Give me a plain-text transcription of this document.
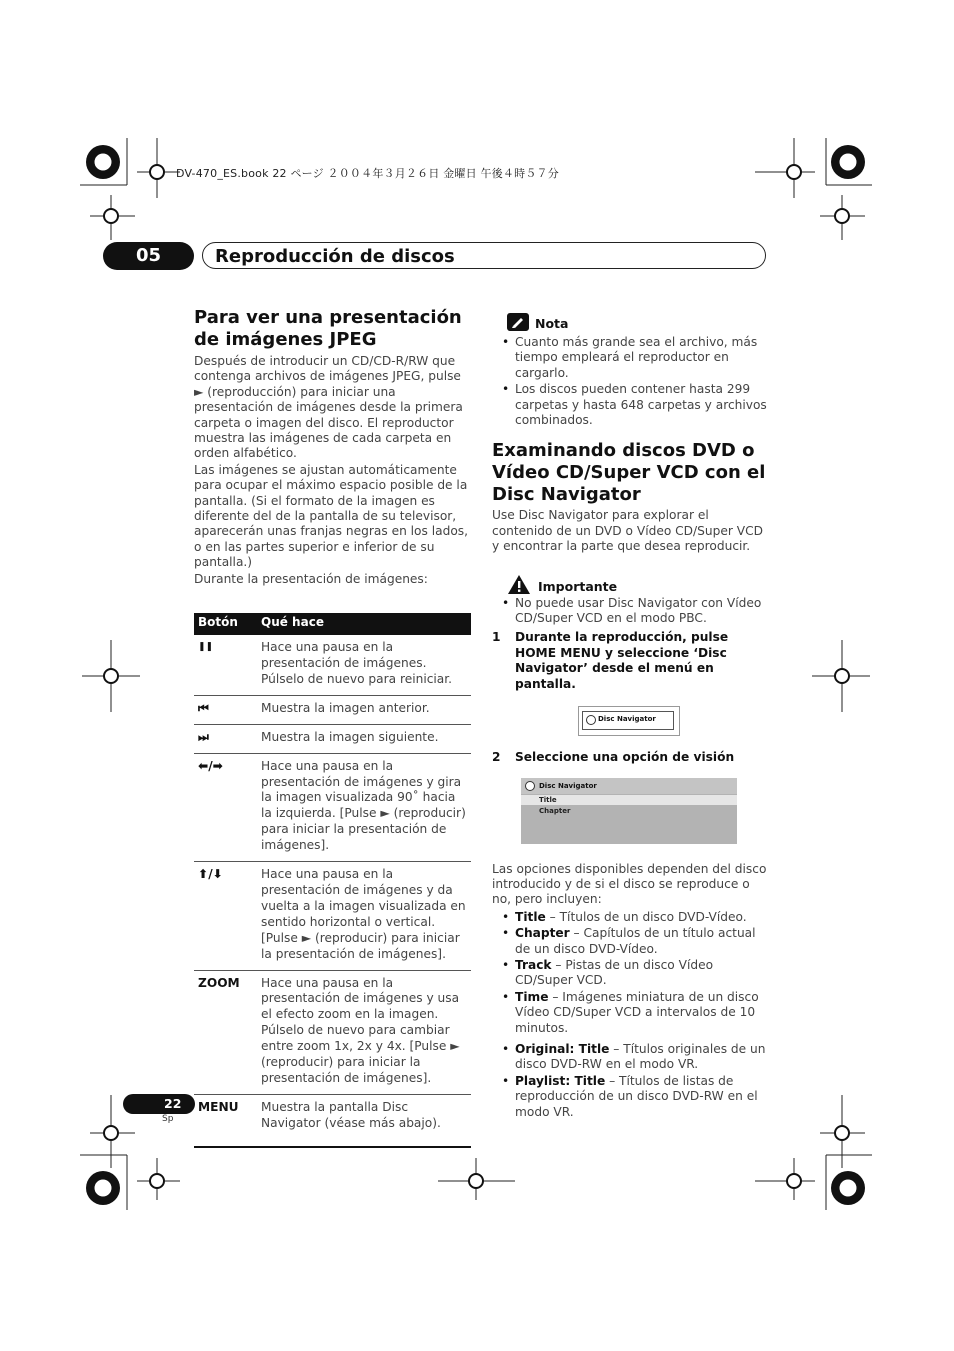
DV-470_ES.book 22 ページ ２００４年３月２６日 金曜日 午後４時５７分
05	Reproducción de discos
Para ver una presentación de imágenes JPEG

Después de introducir un CD/CD-R/RW que contenga archivos de imágenes JPEG, pulse ► (reproducción) para iniciar una presentación de imágenes desde la primera carpeta o imagen del disco. El reproductor muestra las imágenes de cada carpeta en orden alfabético.

Las imágenes se ajustan automáticamente para ocupar el máximo espacio posible de la pantalla. (Si el formato de la imagen es diferente del de la pantalla de su televisor, aparecerán unas franjas negras en los lados, o en las partes superior e inferior de su pantalla.)

Durante la presentación de imágenes:

Botón	Qué hace
❚❚	Hace una pausa en la presentación de imágenes. Púlselo de nuevo para reiniciar.
⏮	Muestra la imagen anterior.
⏭	Muestra la imagen siguiente.
⬅/➡	Hace una pausa en la presentación de imágenes y gira la imagen visualizada 90˚ hacia la izquierda. [Pulse ► (reproducir) para iniciar la presentación de imágenes].
⬆/⬇	Hace una pausa en la presentación de imágenes y da vuelta a la imagen visualizada en sentido horizontal o vertical. [Pulse ► (reproducir) para iniciar la presentación de imágenes].
ZOOM	Hace una pausa en la presentación de imágenes y usa el efecto zoom en la imagen. Púlselo de nuevo para cambiar entre zoom 1x, 2x y 4x. [Pulse ► (reproducir) para iniciar la presentación de imágenes].
MENU	Muestra la pantalla Disc Navigator (véase más abajo).
Nota
• Cuanto más grande sea el archivo, más tiempo empleará el reproductor en cargarlo.
• Los discos pueden contener hasta 299 carpetas y hasta 648 carpetas y archivos combinados.
Examinando discos DVD o Vídeo CD/Super VCD con el Disc Navigator

Use Disc Navigator para explorar el contenido de un DVD o Vídeo CD/Super VCD y encontrar la parte que desea reproducir.

Importante
• No puede usar Disc Navigator con Vídeo CD/Super VCD en el modo PBC.
1 Durante la reproducción, pulse HOME MENU y seleccione ‘Disc Navigator’ desde el menú en pantalla.
Disc Navigator
2 Seleccione una opción de visión
Disc Navigator
Title
Chapter

Las opciones disponibles dependen del disco introducido y de si el disco se reproduce o no, pero incluyen:

• Title – Títulos de un disco DVD-Vídeo.
• Chapter – Capítulos de un título actual de un disco DVD-Vídeo.
• Track – Pistas de un disco Vídeo CD/Super VCD.
• Time – Imágenes miniatura de un disco Vídeo CD/Super VCD a intervalos de 10 minutos.
• Original: Title – Títulos originales de un disco DVD-RW en el modo VR.
• Playlist: Title – Títulos de listas de reproducción de un disco DVD-RW en el modo VR.
22
Sp
